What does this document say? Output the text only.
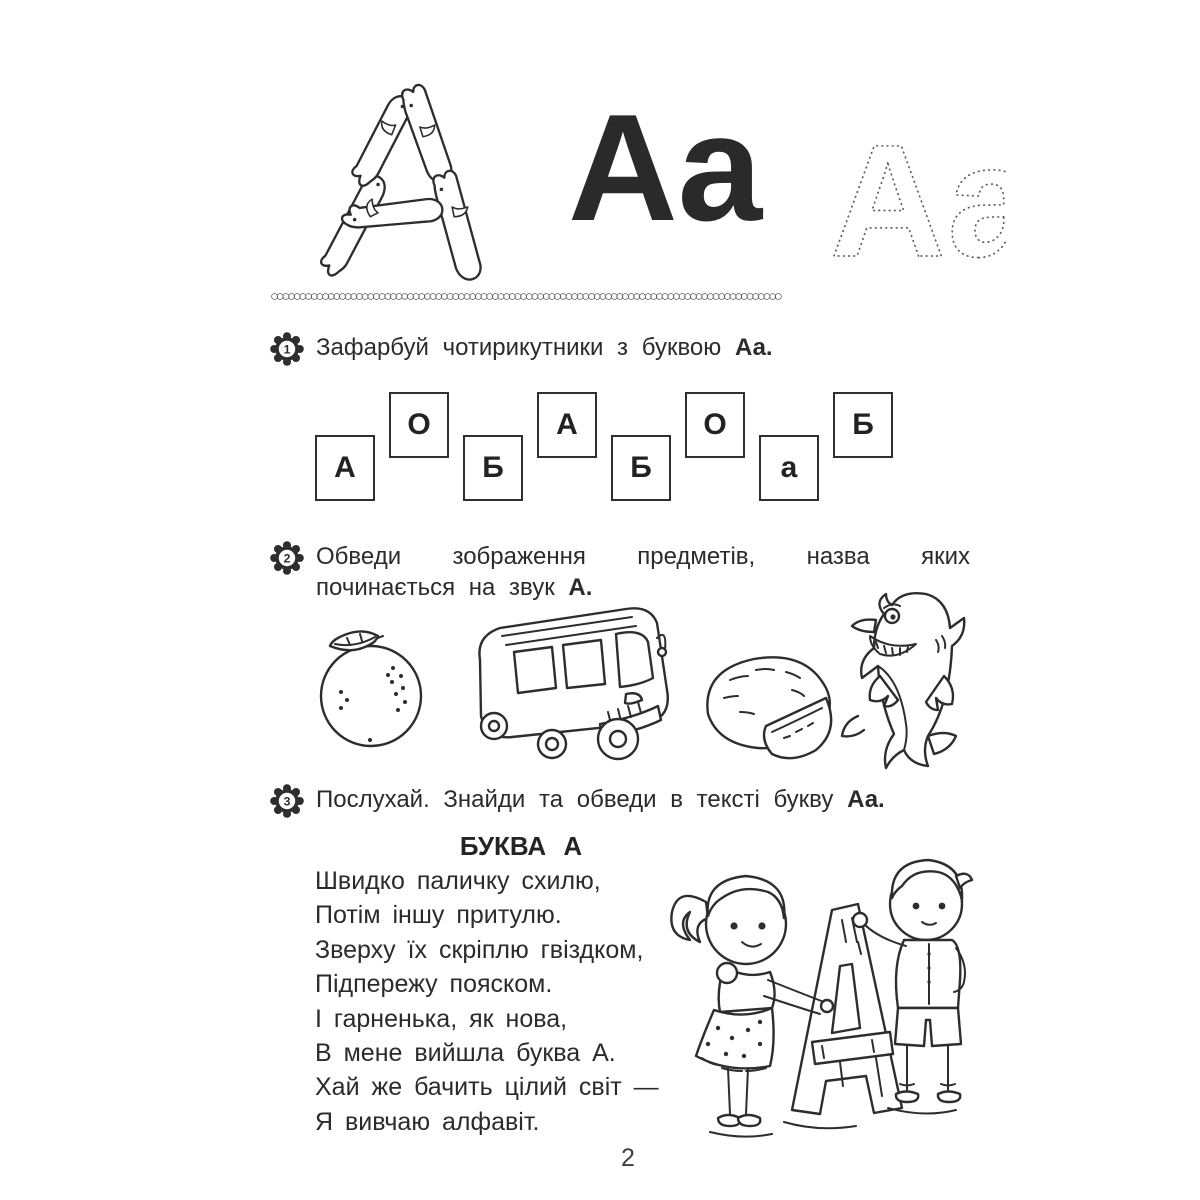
Аа Аа
○○○○○○○○○○○○○○○○○○○○○○○○○○○○○○○○○○○○○○○○○○○○○○○○○○○○○○○○○○○○○○○○○○○○○○○○○○○○○○○○○○○○○○○○○○
1 Зафарбуй чотирикутники з буквою Аа.

А
О
Б
А
Б
О
а
Б
2 Обведи зображення предметів, назва яких починається на звук А.

3 Послухай. Знайди та обведи в тексті букву Аа.

БУКВА А
Швидко паличку схилю,
Потім іншу притулю.
Зверху їх скріплю гвіздком,
Підпережу пояском.
І гарненька, як нова,
В мене вийшла буква А.
Хай же бачить цілий світ —
Я вивчаю алфавіт.
2
